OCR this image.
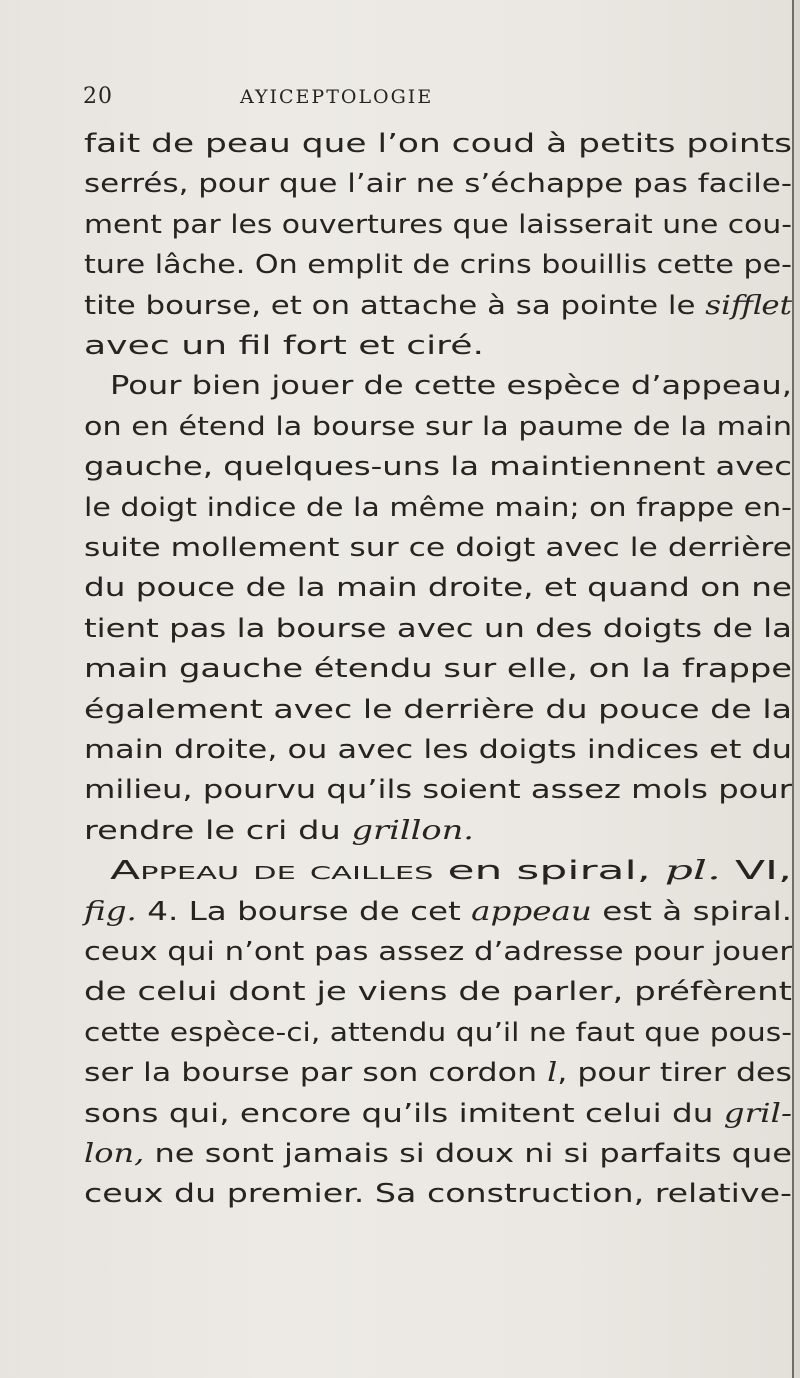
20	AYICEPTOLOGIE
fait de peau que l’on coud à petits points
serrés, pour que l’air ne s’échappe pas facile-
ment par les ouvertures que laisserait une cou-
ture lâche. On emplit de crins bouillis cette pe-
tite bourse, et on attache à sa pointe le sifflet
avec un fil fort et ciré.
Pour bien jouer de cette espèce d’appeau,
on en étend la bourse sur la paume de la main
gauche, quelques-uns la maintiennent avec
le doigt indice de la même main; on frappe en-
suite mollement sur ce doigt avec le derrière
du pouce de la main droite, et quand on ne
tient pas la bourse avec un des doigts de la
main gauche étendu sur elle, on la frappe
également avec le derrière du pouce de la
main droite, ou avec les doigts indices et du
milieu, pourvu qu’ils soient assez mols pour
rendre le cri du grillon.
Appeau de cailles en spiral, pl. VI,
fig. 4. La bourse de cet appeau est à spiral.
ceux qui n’ont pas assez d’adresse pour jouer
de celui dont je viens de parler, préfèrent
cette espèce-ci, attendu qu’il ne faut que pous-
ser la bourse par son cordon l, pour tirer des
sons qui, encore qu’ils imitent celui du gril-
lon, ne sont jamais si doux ni si parfaits que
ceux du premier. Sa construction, relative-
